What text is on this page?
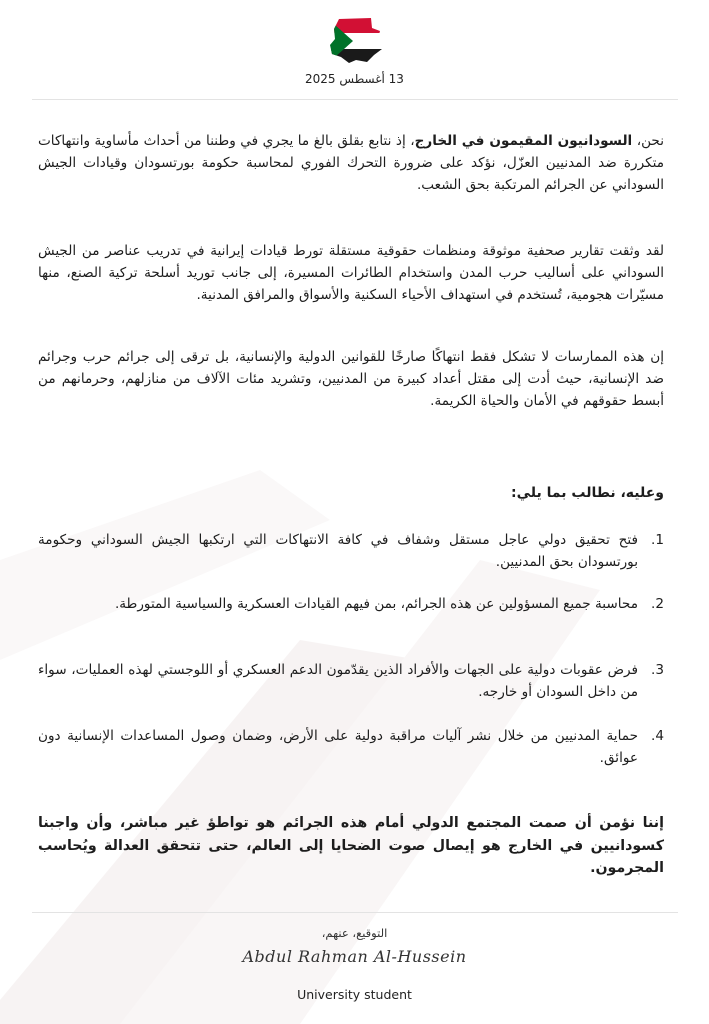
13 أغسطس 2025

نحن، السودانيون المقيمون في الخارج، إذ نتابع بقلق بالغ ما يجري في وطننا من أحداث مأساوية وانتهاكات متكررة ضد المدنيين العزّل، نؤكد على ضرورة التحرك الفوري لمحاسبة حكومة بورتسودان وقيادات الجيش السوداني عن الجرائم المرتكبة بحق الشعب.

لقد وثقت تقارير صحفية موثوقة ومنظمات حقوقية مستقلة تورط قيادات إيرانية في تدريب عناصر من الجيش السوداني على أساليب حرب المدن واستخدام الطائرات المسيرة، إلى جانب توريد أسلحة تركية الصنع، منها مسيّرات هجومية، تُستخدم في استهداف الأحياء السكنية والأسواق والمرافق المدنية.

إن هذه الممارسات لا تشكل فقط انتهاكًا صارخًا للقوانين الدولية والإنسانية، بل ترقى إلى جرائم حرب وجرائم ضد الإنسانية، حيث أدت إلى مقتل أعداد كبيرة من المدنيين، وتشريد مئات الآلاف من منازلهم، وحرمانهم من أبسط حقوقهم في الأمان والحياة الكريمة.

وعليه، نطالب بما يلي:
1.
فتح تحقيق دولي عاجل مستقل وشفاف في كافة الانتهاكات التي ارتكبها الجيش السوداني وحكومة بورتسودان بحق المدنيين.
2.
محاسبة جميع المسؤولين عن هذه الجرائم، بمن فيهم القيادات العسكرية والسياسية المتورطة.
3.
فرض عقوبات دولية على الجهات والأفراد الذين يقدّمون الدعم العسكري أو اللوجستي لهذه العمليات، سواء من داخل السودان أو خارجه.
4.
حماية المدنيين من خلال نشر آليات مراقبة دولية على الأرض، وضمان وصول المساعدات الإنسانية دون عوائق.

إننا نؤمن أن صمت المجتمع الدولي أمام هذه الجرائم هو تواطؤ غير مباشر، وأن واجبنا كسودانيين في الخارج هو إيصال صوت الضحايا إلى العالم، حتى تتحقق العدالة ويُحاسب المجرمون.

التوقيع، عنهم،
Abdul Rahman Al-Hussein
University student
